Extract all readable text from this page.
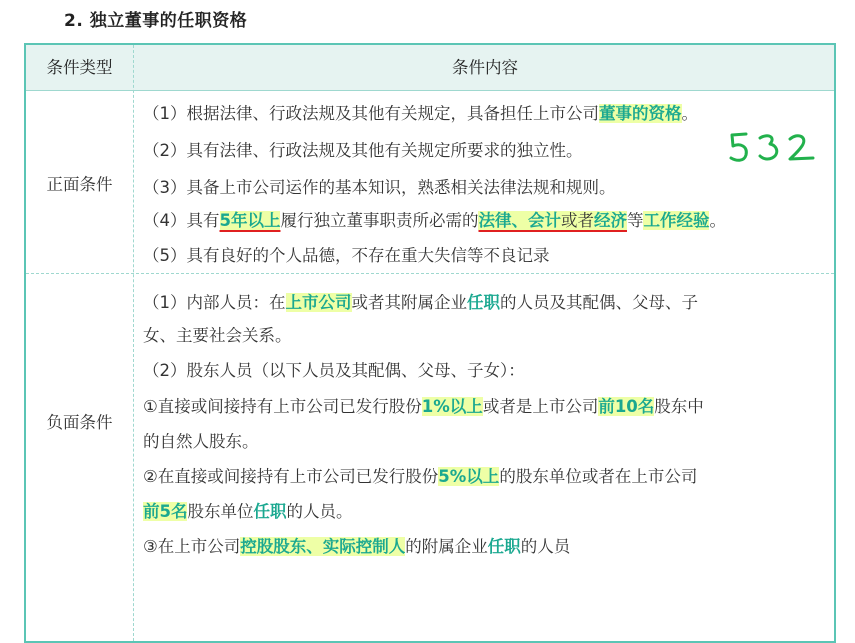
2. 独立董事的任职资格
条件类型	条件内容
正面条件
负面条件
（1）根据法律、行政法规及其他有关规定，具备担任上市公司董事的资格。
（2）具有法律、行政法规及其他有关规定所要求的独立性。
（3）具备上市公司运作的基本知识，熟悉相关法律法规和规则。
（4）具有5年以上履行独立董事职责所必需的法律、会计或者经济等工作经验。
（5）具有良好的个人品德，不存在重大失信等不良记录
（1）内部人员：在上市公司或者其附属企业任职的人员及其配偶、父母、子
女、主要社会关系。
（2）股东人员（以下人员及其配偶、父母、子女）：
①直接或间接持有上市公司已发行股份1%以上或者是上市公司前10名股东中
的自然人股东。
②在直接或间接持有上市公司已发行股份5%以上的股东单位或者在上市公司
前5名股东单位任职的人员。
③在上市公司控股股东、实际控制人的附属企业任职的人员
